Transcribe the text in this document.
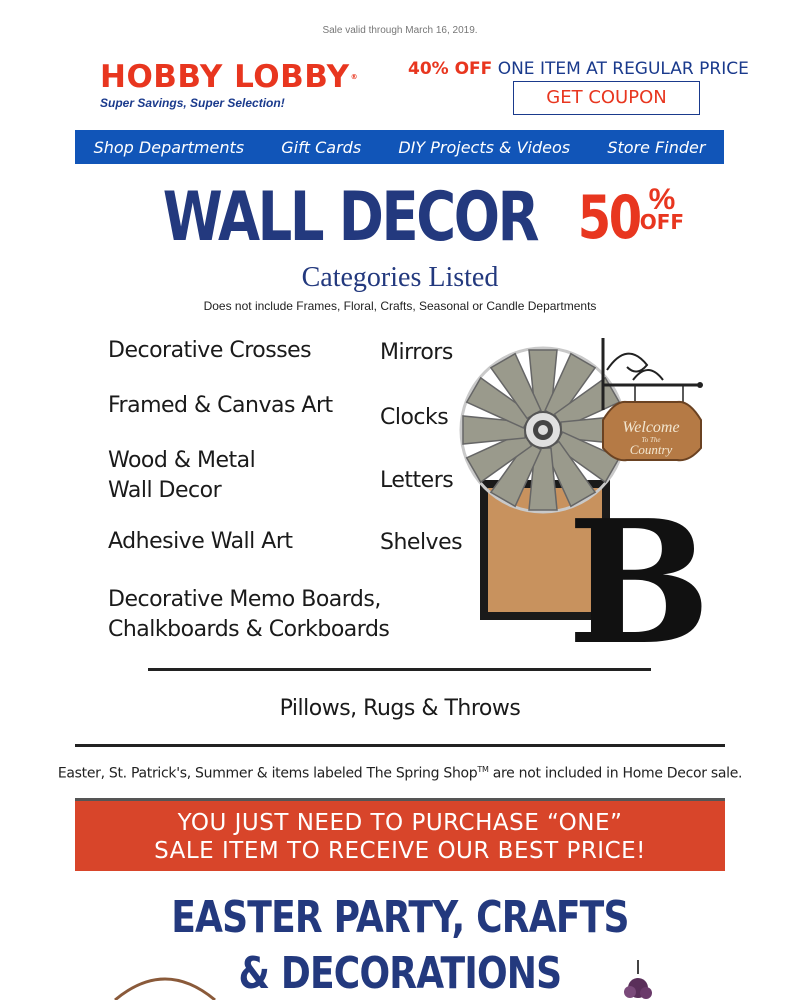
Sale valid through March 16, 2019.
HOBBY LOBBY®
Super Savings, Super Selection!
40% OFF ONE ITEM AT REGULAR PRICE
GET COUPON
Shop Departments Gift Cards DIY Projects & Videos Store Finder
WALL DECOR 50 %
OFF
Categories Listed
Does not include Frames, Floral, Crafts, Seasonal or Candle Departments
Decorative Crosses
Framed & Canvas Art
Wood & Metal
Wall Decor
Adhesive Wall Art
Decorative Memo Boards,
Chalkboards & Corkboards
Mirrors
Clocks
Letters
Shelves
Welcome
To The
Country
B
Pillows, Rugs & Throws
Easter, St. Patrick's, Summer & items labeled The Spring Shop™ are not included in Home Decor sale.
YOU JUST NEED TO PURCHASE “ONE”
SALE ITEM TO RECEIVE OUR BEST PRICE!
EASTER PARTY, CRAFTS
& DECORATIONS
